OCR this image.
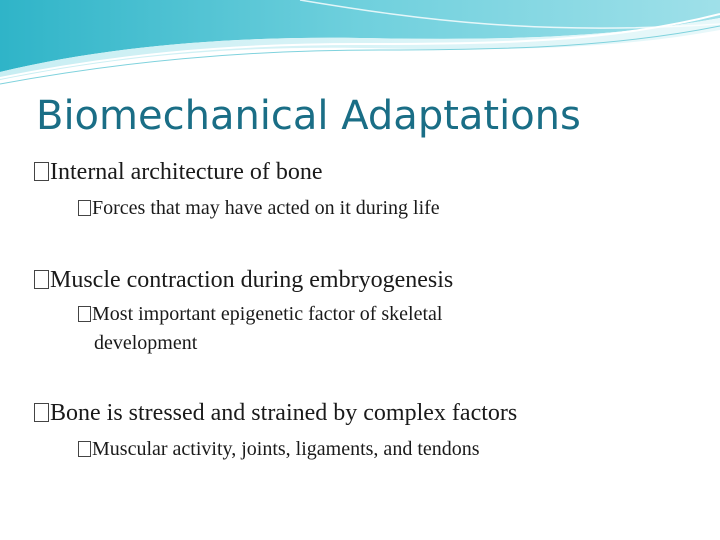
Biomechanical Adaptations
Internal architecture of bone
Forces that may have acted on it during life
Muscle contraction during embryogenesis
Most important epigenetic factor of skeletal
development
Bone is stressed and strained by complex factors
Muscular activity, joints, ligaments, and tendons
